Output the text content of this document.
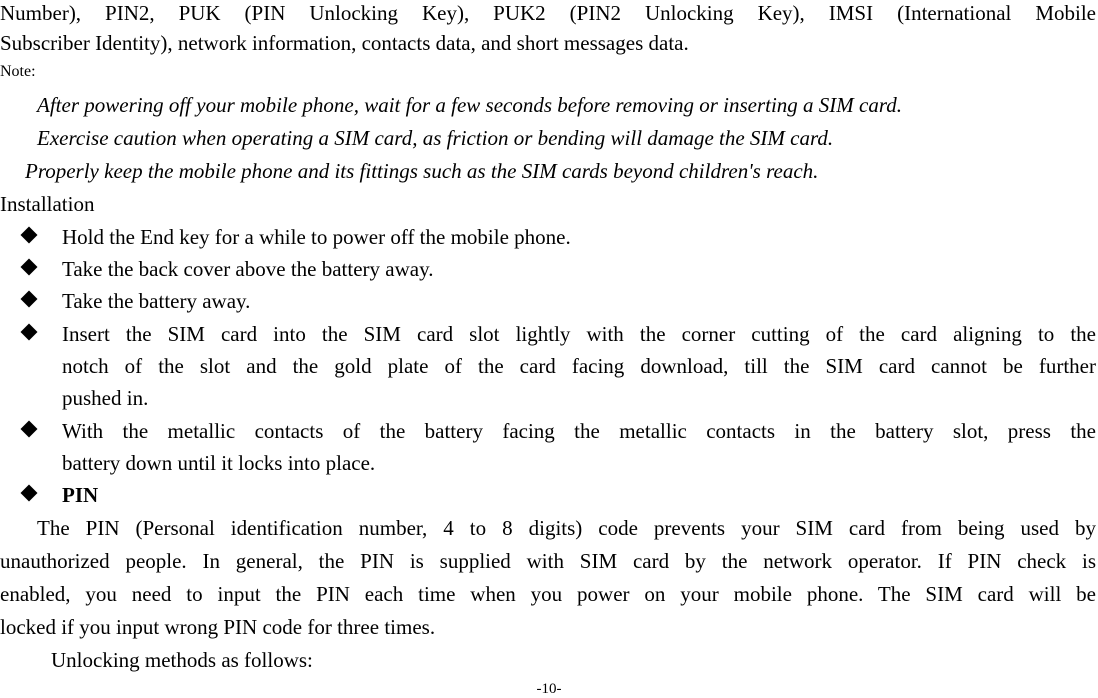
Number), PIN2, PUK (PIN Unlocking Key), PUK2 (PIN2 Unlocking Key), IMSI (International Mobile
Subscriber Identity), network information, contacts data, and short messages data.
Note:
After powering off your mobile phone, wait for a few seconds before removing or inserting a SIM card.
Exercise caution when operating a SIM card, as friction or bending will damage the SIM card.
Properly keep the mobile phone and its fittings such as the SIM cards beyond children's reach.
Installation
Hold the End key for a while to power off the mobile phone.
Take the back cover above the battery away.
Take the battery away.
Insert the SIM card into the SIM card slot lightly with the corner cutting of the card aligning to the
notch of the slot and the gold plate of the card facing download, till the SIM card cannot be further
pushed in.
With the metallic contacts of the battery facing the metallic contacts in the battery slot, press the
battery down until it locks into place.
PIN
The PIN (Personal identification number, 4 to 8 digits) code prevents your SIM card from being used by
unauthorized people. In general, the PIN is supplied with SIM card by the network operator. If PIN check is
enabled, you need to input the PIN each time when you power on your mobile phone. The SIM card will be
locked if you input wrong PIN code for three times.
Unlocking methods as follows:
-10-
